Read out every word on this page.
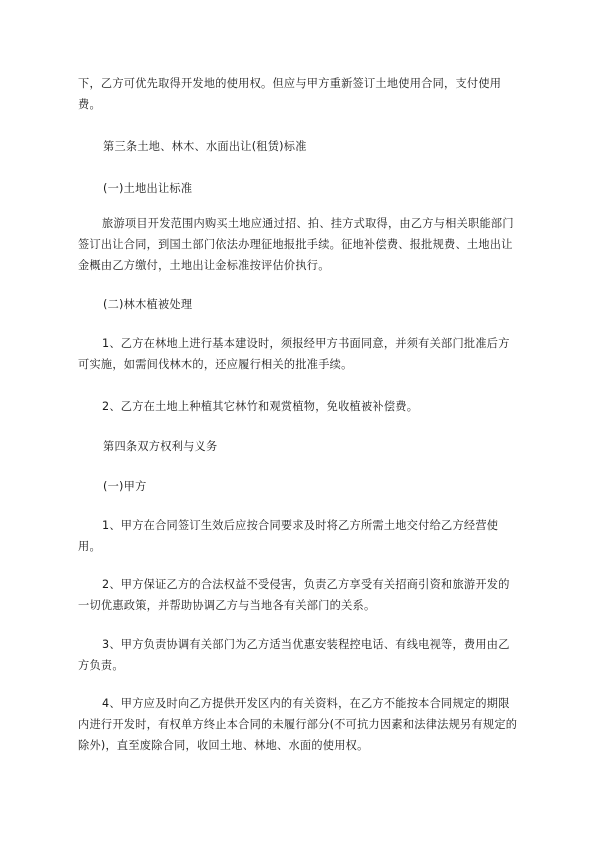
下，乙方可优先取得开发地的使用权。但应与甲方重新签订土地使用合同，支付使用费。

第三条土地、林木、水面出让(租赁)标准

(一)土地出让标准

旅游项目开发范围内购买土地应通过招、拍、挂方式取得，由乙方与相关职能部门签订出让合同，到国土部门依法办理征地报批手续。征地补偿费、报批规费、土地出让金概由乙方缴付，土地出让金标准按评估价执行。

(二)林木植被处理

1、乙方在林地上进行基本建设时，须报经甲方书面同意，并须有关部门批准后方可实施，如需间伐林木的，还应履行相关的批准手续。

2、乙方在土地上种植其它林竹和观赏植物，免收植被补偿费。

第四条双方权利与义务

(一)甲方

1、甲方在合同签订生效后应按合同要求及时将乙方所需土地交付给乙方经营使用。

2、甲方保证乙方的合法权益不受侵害，负责乙方享受有关招商引资和旅游开发的一切优惠政策，并帮助协调乙方与当地各有关部门的关系。

3、甲方负责协调有关部门为乙方适当优惠安装程控电话、有线电视等，费用由乙方负责。

4、甲方应及时向乙方提供开发区内的有关资料，在乙方不能按本合同规定的期限内进行开发时，有权单方终止本合同的未履行部分(不可抗力因素和法律法规另有规定的除外)，直至废除合同，收回土地、林地、水面的使用权。
